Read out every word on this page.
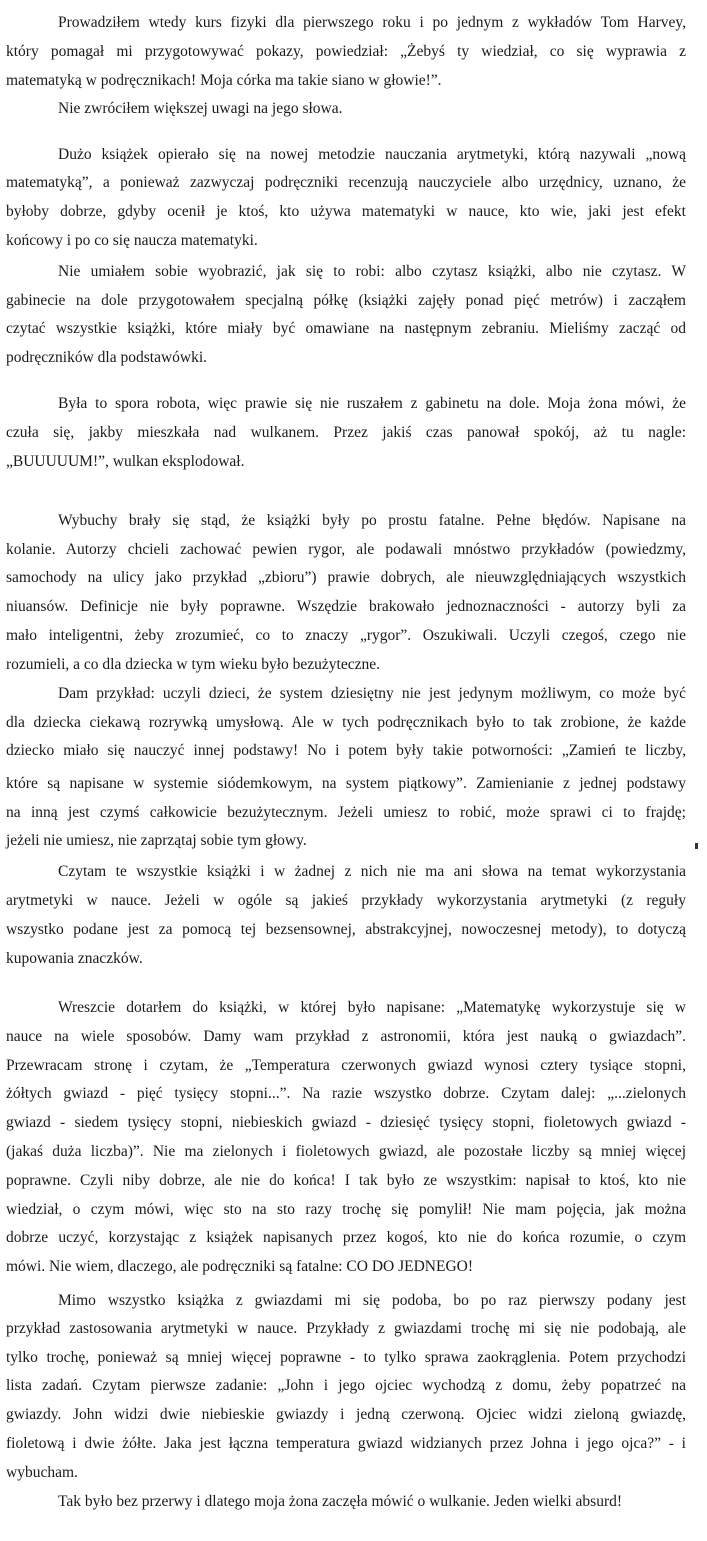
Prowadziłem wtedy kurs fizyki dla pierwszego roku i po jednym z wykładów Tom Harvey,
który pomagał mi przygotowywać pokazy, powiedział: „Żebyś ty wiedział, co się wyprawia z
matematyką w podręcznikach! Moja córka ma takie siano w głowie!”.
Nie zwróciłem większej uwagi na jego słowa.
Dużo książek opierało się na nowej metodzie nauczania arytmetyki, którą nazywali „nową
matematyką”, a ponieważ zazwyczaj podręczniki recenzują nauczyciele albo urzędnicy, uznano, że
byłoby dobrze, gdyby ocenił je ktoś, kto używa matematyki w nauce, kto wie, jaki jest efekt
końcowy i po co się naucza matematyki.
Nie umiałem sobie wyobrazić, jak się to robi: albo czytasz książki, albo nie czytasz. W
gabinecie na dole przygotowałem specjalną półkę (książki zajęły ponad pięć metrów) i zacząłem
czytać wszystkie książki, które miały być omawiane na następnym zebraniu. Mieliśmy zacząć od
podręczników dla podstawówki.
Była to spora robota, więc prawie się nie ruszałem z gabinetu na dole. Moja żona mówi, że
czuła się, jakby mieszkała nad wulkanem. Przez jakiś czas panował spokój, aż tu nagle:
„BUUUUUM!”, wulkan eksplodował.
Wybuchy brały się stąd, że książki były po prostu fatalne. Pełne błędów. Napisane na
kolanie. Autorzy chcieli zachować pewien rygor, ale podawali mnóstwo przykładów (powiedzmy,
samochody na ulicy jako przykład „zbioru”) prawie dobrych, ale nieuwzględniających wszystkich
niuansów. Definicje nie były poprawne. Wszędzie brakowało jednoznaczności - autorzy byli za
mało inteligentni, żeby zrozumieć, co to znaczy „rygor”. Oszukiwali. Uczyli czegoś, czego nie
rozumieli, a co dla dziecka w tym wieku było bezużyteczne.
Dam przykład: uczyli dzieci, że system dziesiętny nie jest jedynym możliwym, co może być
dla dziecka ciekawą rozrywką umysłową. Ale w tych podręcznikach było to tak zrobione, że każde
dziecko miało się nauczyć innej podstawy! No i potem były takie potworności: „Zamień te liczby,
które są napisane w systemie siódemkowym, na system piątkowy”. Zamienianie z jednej podstawy
na inną jest czymś całkowicie bezużytecznym. Jeżeli umiesz to robić, może sprawi ci to frajdę;
jeżeli nie umiesz, nie zaprzątaj sobie tym głowy.
Czytam te wszystkie książki i w żadnej z nich nie ma ani słowa na temat wykorzystania
arytmetyki w nauce. Jeżeli w ogóle są jakieś przykłady wykorzystania arytmetyki (z reguły
wszystko podane jest za pomocą tej bezsensownej, abstrakcyjnej, nowoczesnej metody), to dotyczą
kupowania znaczków.
Wreszcie dotarłem do książki, w której było napisane: „Matematykę wykorzystuje się w
nauce na wiele sposobów. Damy wam przykład z astronomii, która jest nauką o gwiazdach”.
Przewracam stronę i czytam, że „Temperatura czerwonych gwiazd wynosi cztery tysiące stopni,
żółtych gwiazd - pięć tysięcy stopni...”. Na razie wszystko dobrze. Czytam dalej: „...zielonych
gwiazd - siedem tysięcy stopni, niebieskich gwiazd - dziesięć tysięcy stopni, fioletowych gwiazd -
(jakaś duża liczba)”. Nie ma zielonych i fioletowych gwiazd, ale pozostałe liczby są mniej więcej
poprawne. Czyli niby dobrze, ale nie do końca! I tak było ze wszystkim: napisał to ktoś, kto nie
wiedział, o czym mówi, więc sto na sto razy trochę się pomylił! Nie mam pojęcia, jak można
dobrze uczyć, korzystając z książek napisanych przez kogoś, kto nie do końca rozumie, o czym
mówi. Nie wiem, dlaczego, ale podręczniki są fatalne: CO DO JEDNEGO!
Mimo wszystko książka z gwiazdami mi się podoba, bo po raz pierwszy podany jest
przykład zastosowania arytmetyki w nauce. Przykłady z gwiazdami trochę mi się nie podobają, ale
tylko trochę, ponieważ są mniej więcej poprawne - to tylko sprawa zaokrąglenia. Potem przychodzi
lista zadań. Czytam pierwsze zadanie: „John i jego ojciec wychodzą z domu, żeby popatrzeć na
gwiazdy. John widzi dwie niebieskie gwiazdy i jedną czerwoną. Ojciec widzi zieloną gwiazdę,
fioletową i dwie żółte. Jaka jest łączna temperatura gwiazd widzianych przez Johna i jego ojca?” - i
wybucham.
Tak było bez przerwy i dlatego moja żona zaczęła mówić o wulkanie. Jeden wielki absurd!
